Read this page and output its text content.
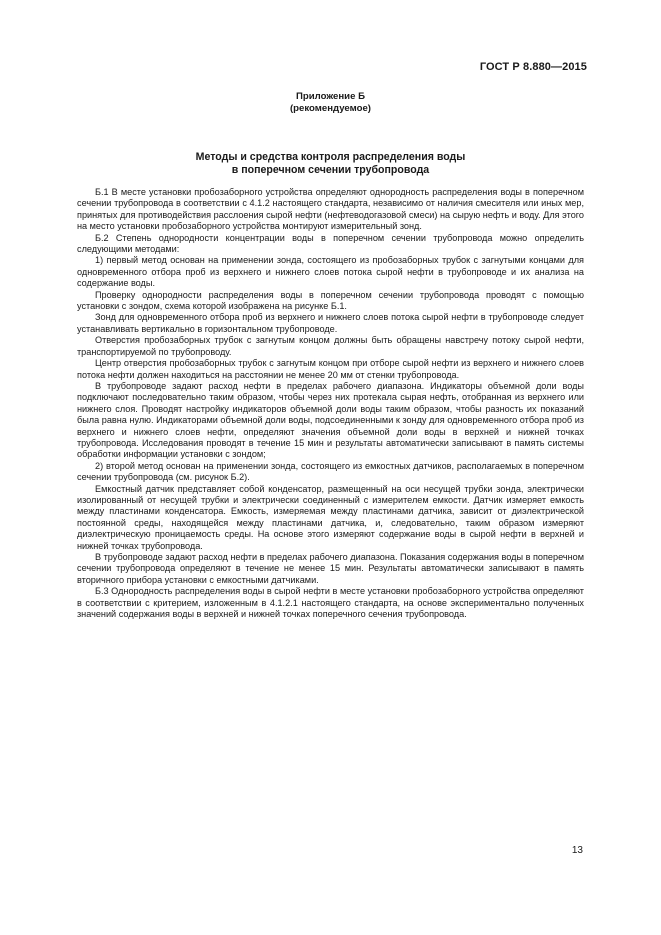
ГОСТ Р 8.880—2015
Приложение Б
(рекомендуемое)
Методы и средства контроля распределения воды
в поперечном сечении трубопровода

Б.1 В месте установки пробозаборного устройства определяют однородность распределения воды в поперечном сечении трубопровода в соответствии с 4.1.2 настоящего стандарта, независимо от наличия смесителя или иных мер, принятых для противодействия расслоения сырой нефти (нефтеводогазовой смеси) на сырую нефть и воду. Для этого на место установки пробозаборного устройства монтируют измерительный зонд.

Б.2 Степень однородности концентрации воды в поперечном сечении трубопровода можно определить следующими методами:

1) первый метод основан на применении зонда, состоящего из пробозаборных трубок с загнутыми концами для одновременного отбора проб из верхнего и нижнего слоев потока сырой нефти в трубопроводе и их анализа на содержание воды.

Проверку однородности распределения воды в поперечном сечении трубопровода проводят с помощью установки с зондом, схема которой изображена на рисунке Б.1.

Зонд для одновременного отбора проб из верхнего и нижнего слоев потока сырой нефти в трубопроводе следует устанавливать вертикально в горизонтальном трубопроводе.

Отверстия пробозаборных трубок с загнутым концом должны быть обращены навстречу потоку сырой нефти, транспортируемой по трубопроводу.

Центр отверстия пробозаборных трубок с загнутым концом при отборе сырой нефти из верхнего и нижнего слоев потока нефти должен находиться на расстоянии не менее 20 мм от стенки трубопровода.

В трубопроводе задают расход нефти в пределах рабочего диапазона. Индикаторы объемной доли воды подключают последовательно таким образом, чтобы через них протекала сырая нефть, отобранная из верхнего или нижнего слоя. Проводят настройку индикаторов объемной доли воды таким образом, чтобы разность их показаний была равна нулю. Индикаторами объемной доли воды, подсоединенными к зонду для одновременного отбора проб из верхнего и нижнего слоев нефти, определяют значения объемной доли воды в верхней и нижней точках трубопровода. Исследования проводят в течение 15 мин и результаты автоматически записывают в память системы обработки информации установки с зондом;

2) второй метод основан на применении зонда, состоящего из емкостных датчиков, располагаемых в поперечном сечении трубопровода (см. рисунок Б.2).

Емкостный датчик представляет собой конденсатор, размещенный на оси несущей трубки зонда, электрически изолированный от несущей трубки и электрически соединенный с измерителем емкости. Датчик измеряет емкость между пластинами конденсатора. Емкость, измеряемая между пластинами датчика, зависит от диэлектрической постоянной среды, находящейся между пластинами датчика, и, следовательно, таким образом измеряют диэлектрическую проницаемость среды. На основе этого измеряют содержание воды в сырой нефти в верхней и нижней точках трубопровода.

В трубопроводе задают расход нефти в пределах рабочего диапазона. Показания содержания воды в поперечном сечении трубопровода определяют в течение не менее 15 мин. Результаты автоматически записывают в память вторичного прибора установки с емкостными датчиками.

Б.3 Однородность распределения воды в сырой нефти в месте установки пробозаборного устройства определяют в соответствии с критерием, изложенным в 4.1.2.1 настоящего стандарта, на основе экспериментально полученных значений содержания воды в верхней и нижней точках поперечного сечения трубопровода.

13
